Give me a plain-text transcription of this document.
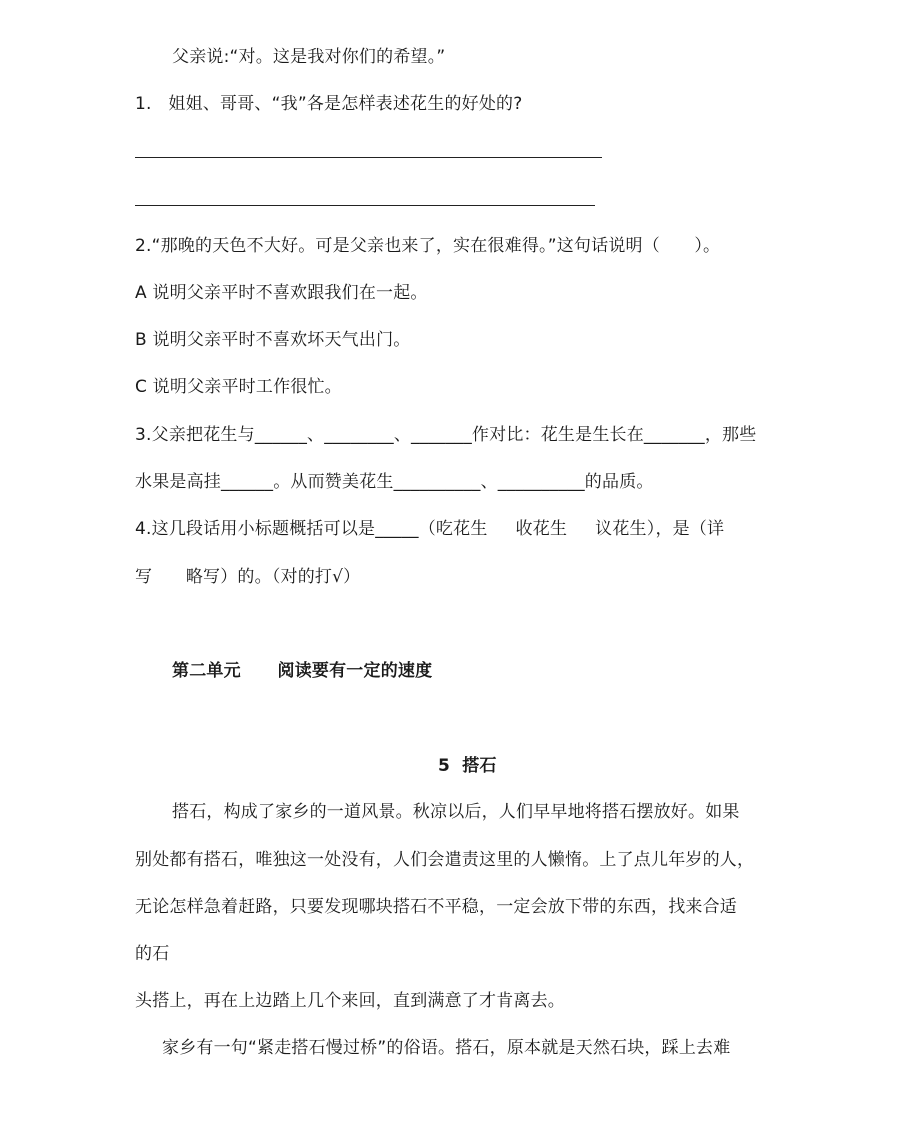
父亲说:“对。这是我对你们的希望。”
1.   姐姐、哥哥、“我”各是怎样表述花生的好处的?
2.“那晚的天色不大好。可是父亲也来了，实在很难得。”这句话说明（　　）。
A 说明父亲平时不喜欢跟我们在一起。
B 说明父亲平时不喜欢坏天气出门。
C 说明父亲平时工作很忙。
3.父亲把花生与______、________、_______作对比：花生是生长在_______，那些
水果是高挂______。从而赞美花生__________、__________的品质。
4.这几段话用小标题概括可以是_____（吃花生     收花生     议花生），是（详
写      略写）的。（对的打√）
第二单元      阅读要有一定的速度
5  搭石
搭石，构成了家乡的一道风景。秋凉以后，人们早早地将搭石摆放好。如果
别处都有搭石，唯独这一处没有，人们会遣责这里的人懒惰。上了点儿年岁的人，
无论怎样急着赶路，只要发现哪块搭石不平稳，一定会放下带的东西，找来合适
的石
头搭上，再在上边踏上几个来回，直到满意了才肯离去。
家乡有一句“紧走搭石慢过桥”的俗语。搭石，原本就是天然石块，踩上去难
